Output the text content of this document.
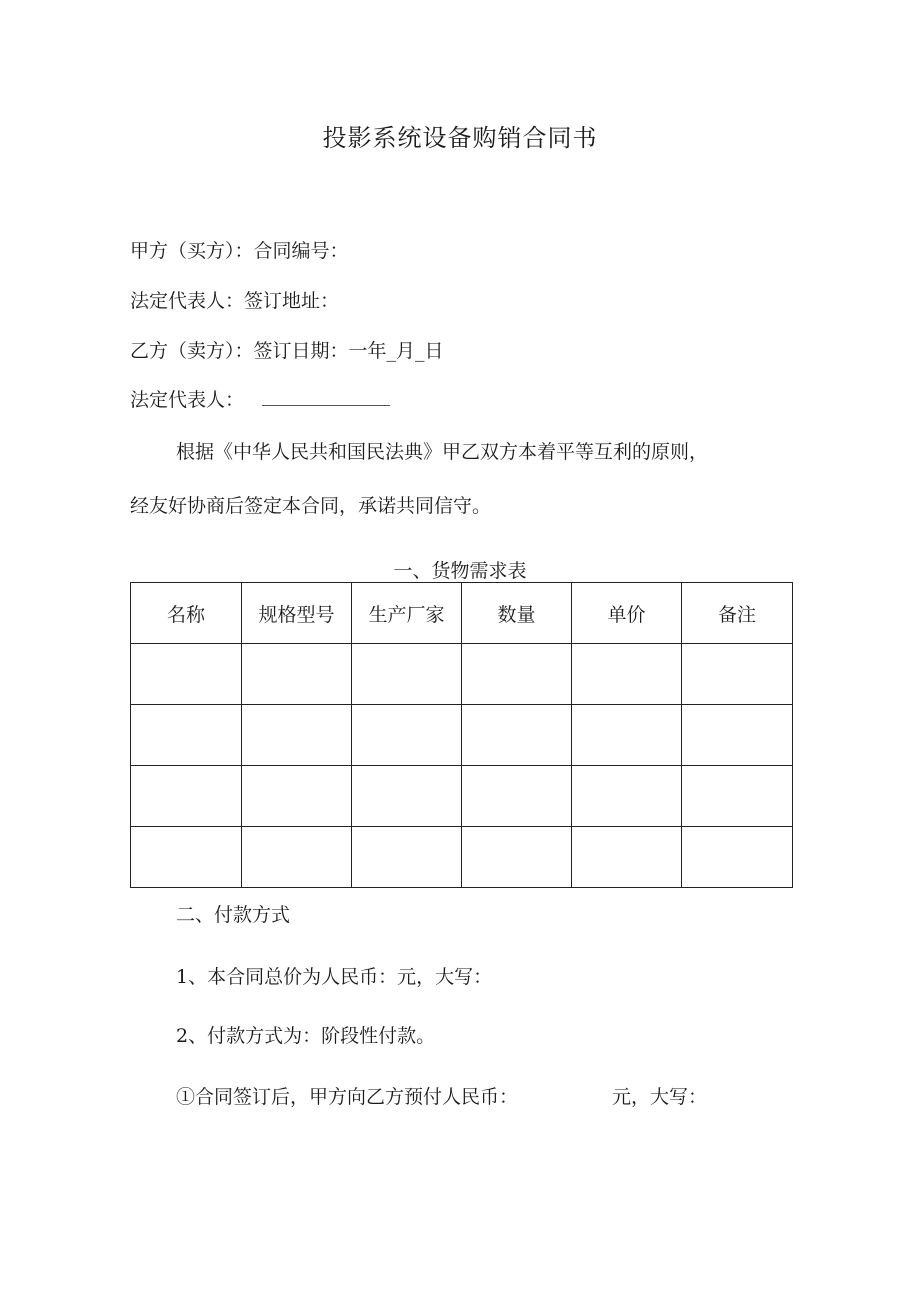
投影系统设备购销合同书
甲方（买方）：合同编号：
法定代表人：签订地址：
乙方（卖方）：签订日期：一年_月_日
法定代表人：
根据《中华人民共和国民法典》甲乙双方本着平等互利的原则，
经友好协商后签定本合同，承诺共同信守。
一、货物需求表
名称	规格型号	生产厂家	数量	单价	备注

二、付款方式
1、本合同总价为人民币：元，大写：
2、付款方式为：阶段性付款。
①合同签订后，甲方向乙方预付人民币：	元，大写：
